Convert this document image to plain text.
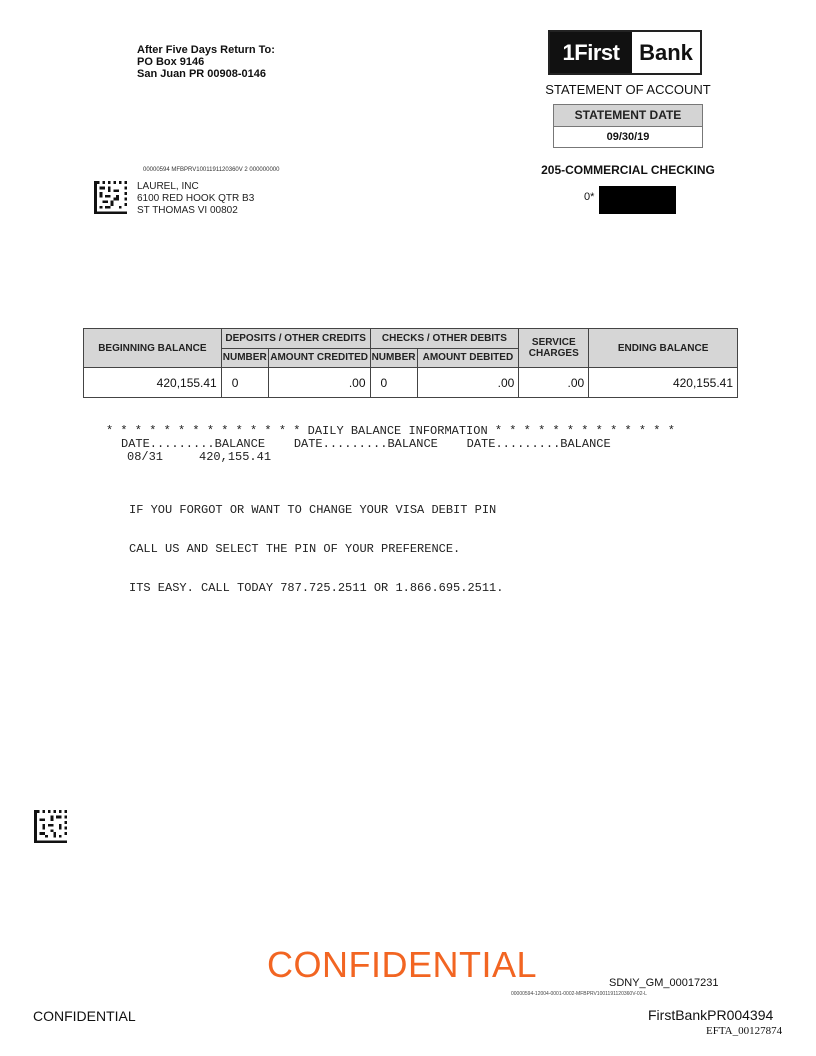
After Five Days Return To:
PO Box 9146
San Juan PR 00908-0146
1First Bank
STATEMENT OF ACCOUNT
STATEMENT DATE
09/30/19
205-COMMERCIAL CHECKING
0*
00000594 MFBPRV1001191120360V 2 000000000
LAUREL, INC
6100 RED HOOK QTR B3
ST THOMAS VI 00802
BEGINNING BALANCE	DEPOSITS / OTHER CREDITS		CHECKS / OTHER DEBITS		SERVICE CHARGES	ENDING BALANCE
	NUMBER	AMOUNT CREDITED	NUMBER	AMOUNT DEBITED		
420,155.41	0	.00	0	.00	.00	420,155.41
* * * * * * * * * * * * * * DAILY BALANCE INFORMATION * * * * * * * * * * * * *
DATE.........BALANCE    DATE.........BALANCE    DATE.........BALANCE
08/31     420,155.41

IF YOU FORGOT OR WANT TO CHANGE YOUR VISA DEBIT PIN

CALL US AND SELECT THE PIN OF YOUR PREFERENCE.

ITS EASY. CALL TODAY 787.725.2511 OR 1.866.695.2511.

CONFIDENTIAL	SDNY_GM_00017231
00000594-12004-0001-0002-MFBPRV1001191120360V-02-L
CONFIDENTIAL	FirstBankPR004394
EFTA_00127874
